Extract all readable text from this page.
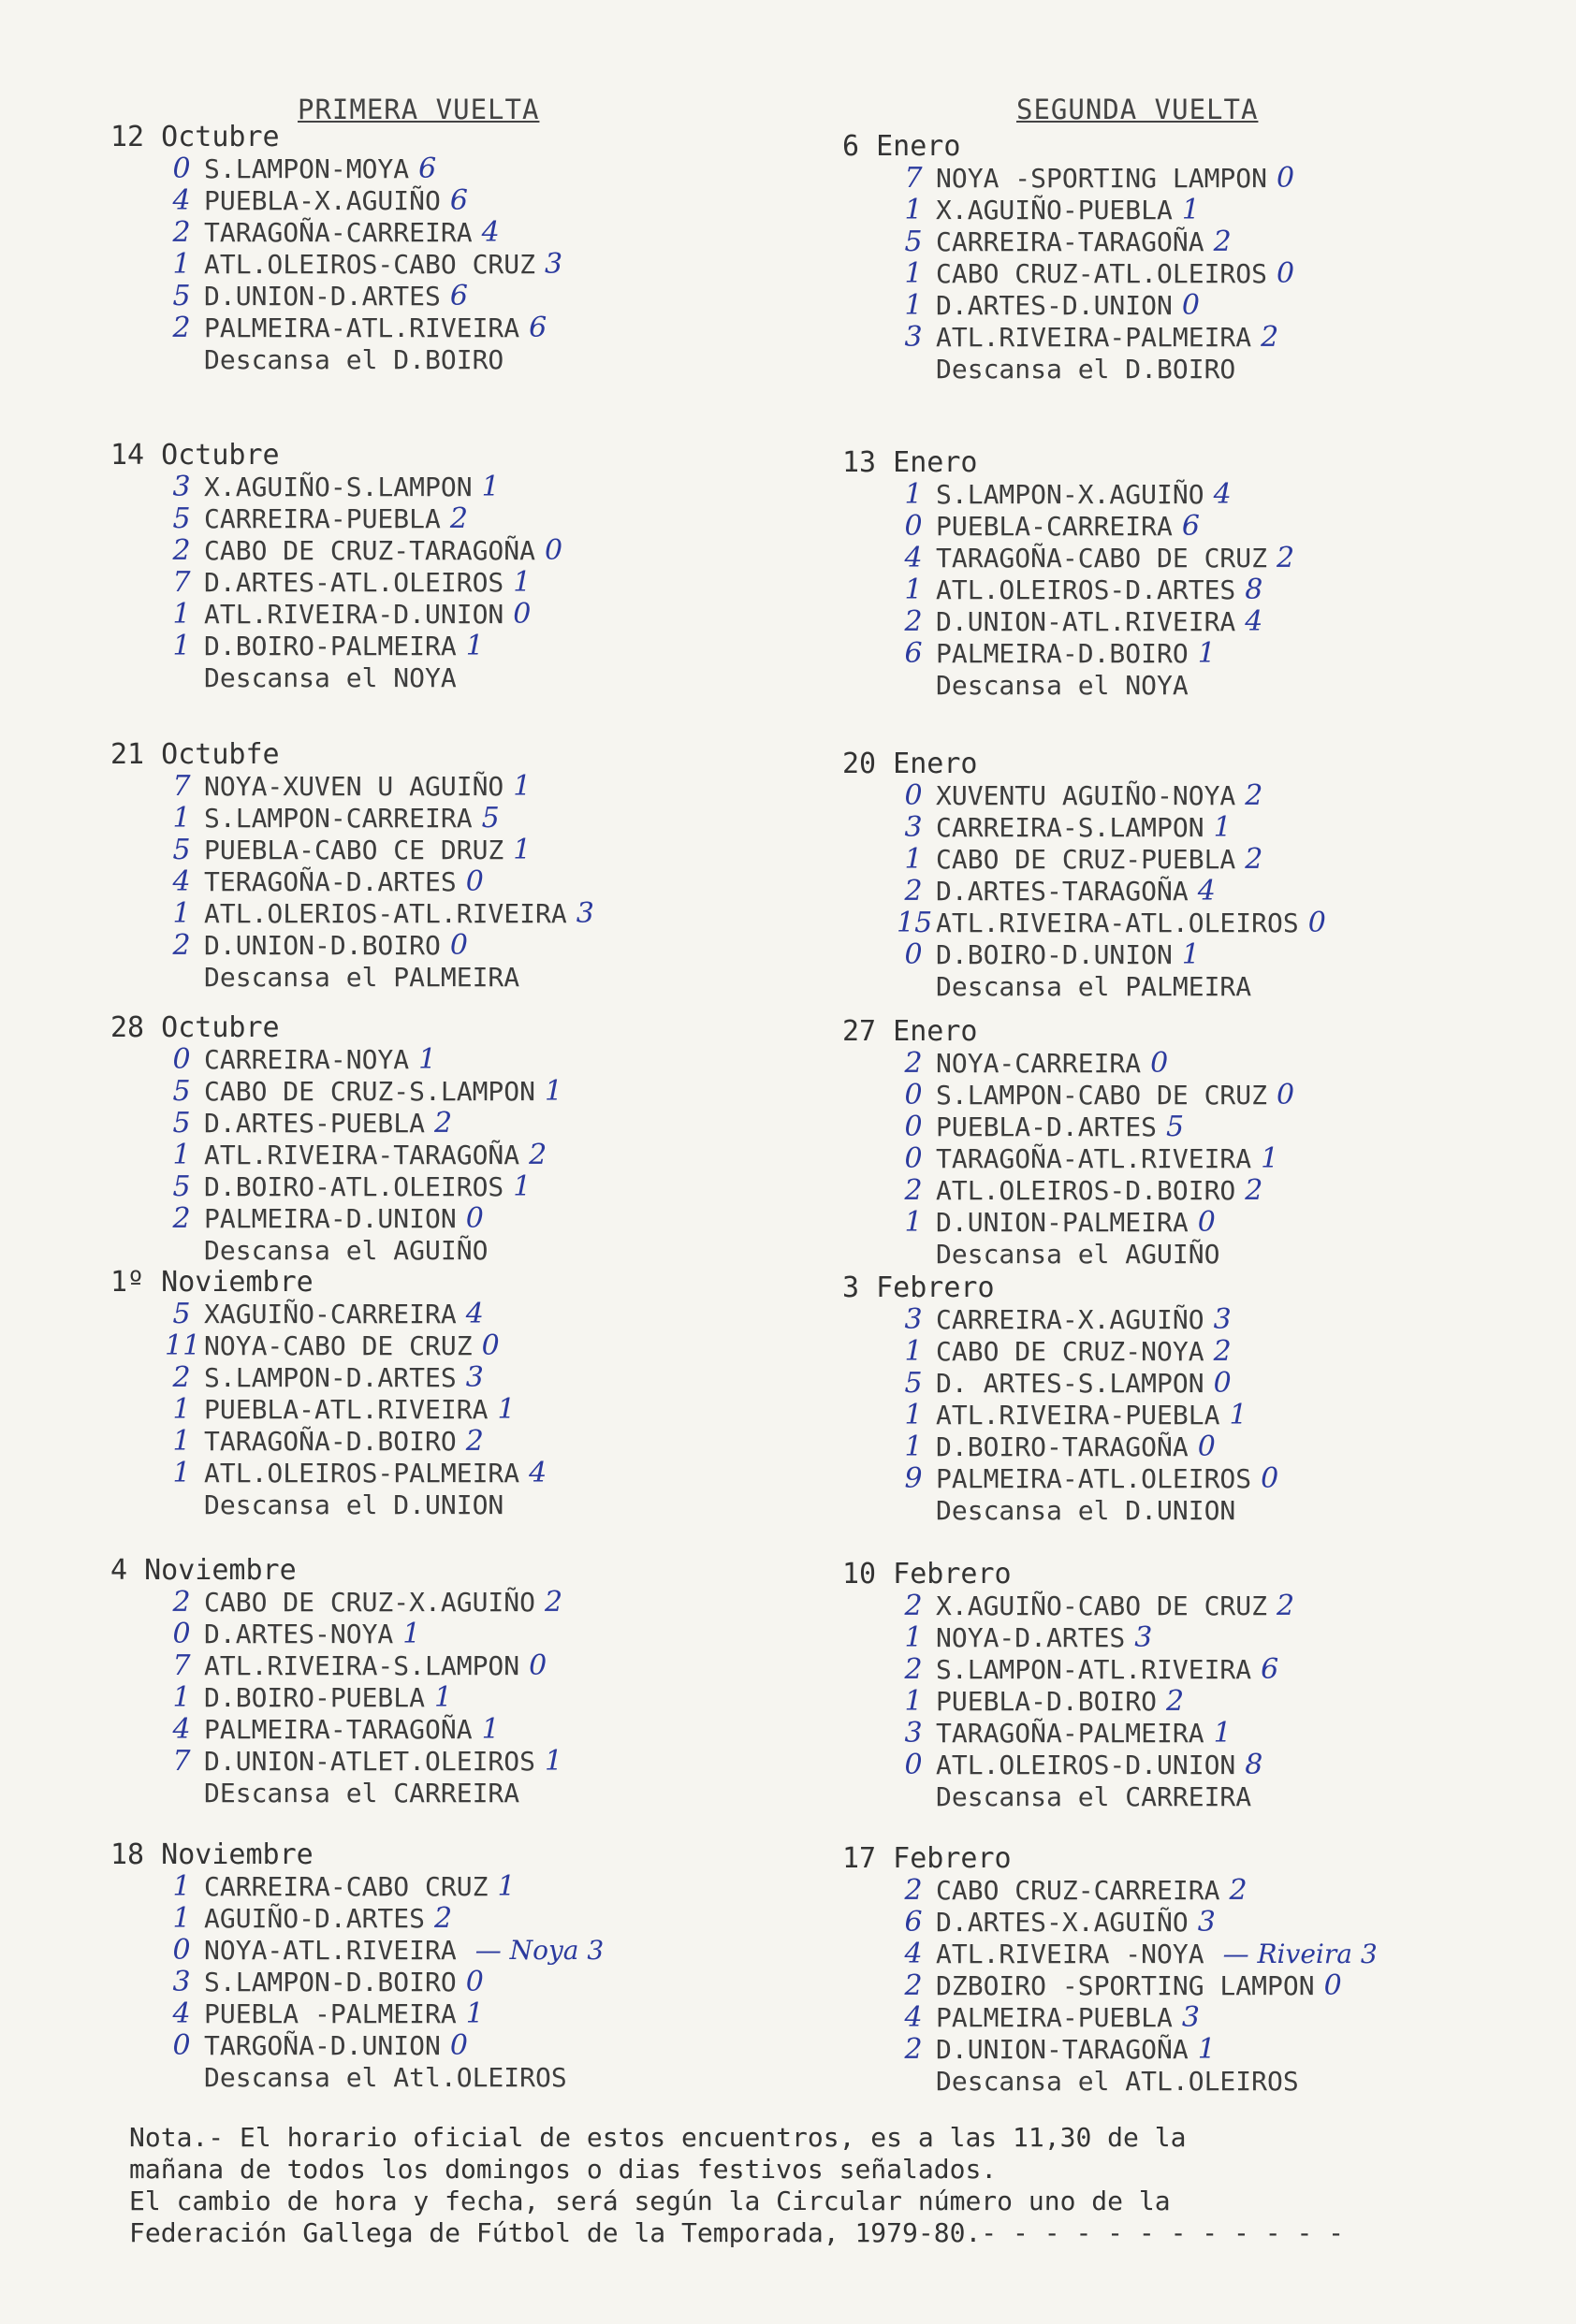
PRIMERA VUELTA	SEGUNDA VUELTA
12 Octubre
0 S.LAMPON-MOYA 6
4 PUEBLA-X.AGUIÑO 6
2 TARAGOÑA-CARREIRA 4
1 ATL.OLEIROS-CABO CRUZ 3
5 D.UNION-D.ARTES 6
2 PALMEIRA-ATL.RIVEIRA 6
Descansa el D.BOIRO
14 Octubre
3 X.AGUIÑO-S.LAMPON 1
5 CARREIRA-PUEBLA 2
2 CABO DE CRUZ-TARAGOÑA 0
7 D.ARTES-ATL.OLEIROS 1
1 ATL.RIVEIRA-D.UNION 0
1 D.BOIRO-PALMEIRA 1
Descansa el NOYA
21 Octubfe
7 NOYA-XUVEN U AGUIÑO 1
1 S.LAMPON-CARREIRA 5
5 PUEBLA-CABO CE DRUZ 1
4 TERAGOÑA-D.ARTES 0
1 ATL.OLERIOS-ATL.RIVEIRA 3
2 D.UNION-D.BOIRO 0
Descansa el PALMEIRA
28 Octubre
0 CARREIRA-NOYA 1
5 CABO DE CRUZ-S.LAMPON 1
5 D.ARTES-PUEBLA 2
1 ATL.RIVEIRA-TARAGOÑA 2
5 D.BOIRO-ATL.OLEIROS 1
2 PALMEIRA-D.UNION 0
Descansa el AGUIÑO
1º Noviembre
5 XAGUIÑO-CARREIRA 4
11 NOYA-CABO DE CRUZ 0
2 S.LAMPON-D.ARTES 3
1 PUEBLA-ATL.RIVEIRA 1
1 TARAGOÑA-D.BOIRO 2
1 ATL.OLEIROS-PALMEIRA 4
Descansa el D.UNION
4 Noviembre
2 CABO DE CRUZ-X.AGUIÑO 2
0 D.ARTES-NOYA 1
7 ATL.RIVEIRA-S.LAMPON 0
1 D.BOIRO-PUEBLA 1
4 PALMEIRA-TARAGOÑA 1
7 D.UNION-ATLET.OLEIROS 1
DEscansa el CARREIRA
18 Noviembre
1 CARREIRA-CABO CRUZ 1
1 AGUIÑO-D.ARTES 2
0 NOYA-ATL.RIVEIRA — Noya 3
3 S.LAMPON-D.BOIRO 0
4 PUEBLA -PALMEIRA 1
0 TARGOÑA-D.UNION 0
Descansa el Atl.OLEIROS
6 Enero
7 NOYA -SPORTING LAMPON 0
1 X.AGUIÑO-PUEBLA 1
5 CARREIRA-TARAGOÑA 2
1 CABO CRUZ-ATL.OLEIROS 0
1 D.ARTES-D.UNION 0
3 ATL.RIVEIRA-PALMEIRA 2
Descansa el D.BOIRO
13 Enero
1 S.LAMPON-X.AGUIÑO 4
0 PUEBLA-CARREIRA 6
4 TARAGOÑA-CABO DE CRUZ 2
1 ATL.OLEIROS-D.ARTES 8
2 D.UNION-ATL.RIVEIRA 4
6 PALMEIRA-D.BOIRO 1
Descansa el NOYA
20 Enero
0 XUVENTU AGUIÑO-NOYA 2
3 CARREIRA-S.LAMPON 1
1 CABO DE CRUZ-PUEBLA 2
2 D.ARTES-TARAGOÑA 4
15 ATL.RIVEIRA-ATL.OLEIROS 0
0 D.BOIRO-D.UNION 1
Descansa el PALMEIRA
27 Enero
2 NOYA-CARREIRA 0
0 S.LAMPON-CABO DE CRUZ 0
0 PUEBLA-D.ARTES 5
0 TARAGOÑA-ATL.RIVEIRA 1
2 ATL.OLEIROS-D.BOIRO 2
1 D.UNION-PALMEIRA 0
Descansa el AGUIÑO
3 Febrero
3 CARREIRA-X.AGUIÑO 3
1 CABO DE CRUZ-NOYA 2
5 D. ARTES-S.LAMPON 0
1 ATL.RIVEIRA-PUEBLA 1
1 D.BOIRO-TARAGOÑA 0
9 PALMEIRA-ATL.OLEIROS 0
Descansa el D.UNION
10 Febrero
2 X.AGUIÑO-CABO DE CRUZ 2
1 NOYA-D.ARTES 3
2 S.LAMPON-ATL.RIVEIRA 6
1 PUEBLA-D.BOIRO 2
3 TARAGOÑA-PALMEIRA 1
0 ATL.OLEIROS-D.UNION 8
Descansa el CARREIRA
17 Febrero
2 CABO CRUZ-CARREIRA 2
6 D.ARTES-X.AGUIÑO 3
4 ATL.RIVEIRA -NOYA — Riveira 3
2 DZBOIRO -SPORTING LAMPON 0
4 PALMEIRA-PUEBLA 3
2 D.UNION-TARAGOÑA 1
Descansa el ATL.OLEIROS
Nota.- El horario oficial de estos encuentros, es a las 11,30 de la
mañana de todos los domingos o dias festivos señalados.
El cambio de hora y fecha, será según la Circular número uno de la
Federación Gallega de Fútbol de la Temporada, 1979-80.- - - - - - - - - - - -
